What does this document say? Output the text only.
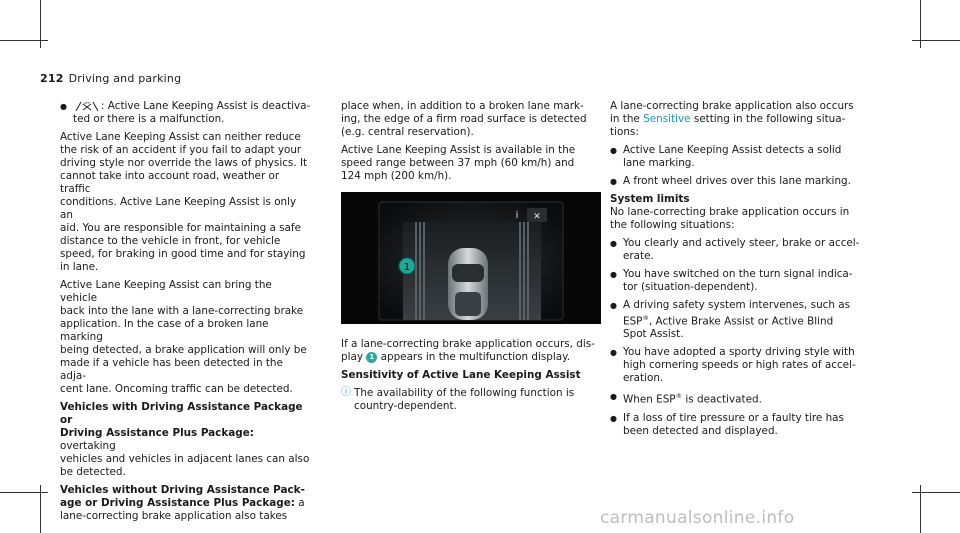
212 Driving and parking

●	OFF : Active Lane Keeping Assist is deactiva-ted or there is a malfunction.

Active Lane Keeping Assist can neither reduce

the risk of an accident if you fail to adapt your

driving style nor override the laws of physics. It

cannot take into account road, weather or traffic

conditions. Active Lane Keeping Assist is only an

aid. You are responsible for maintaining a safe

distance to the vehicle in front, for vehicle

speed, for braking in good time and for staying

in lane.

Active Lane Keeping Assist can bring the vehicle

back into the lane with a lane-correcting brake

application. In the case of a broken lane marking

being detected, a brake application will only be

made if a vehicle has been detected in the adja-

cent lane. Oncoming traffic can be detected.

Vehicles with Driving Assistance Package or

Driving Assistance Plus Package: overtaking

vehicles and vehicles in adjacent lanes can also

be detected.

Vehicles without Driving Assistance Pack-

age or Driving Assistance Plus Package: a

lane-correcting brake application also takes

place when, in addition to a broken lane mark-

ing, the edge of a firm road surface is detected

(e.g. central reservation).

Active Lane Keeping Assist is available in the

speed range between 37 mph (60 km/h) and

124 mph (200 km/h).

1
i ✕

If a lane-correcting brake application occurs, dis-

play 1 appears in the multifunction display.

Sensitivity of Active Lane Keeping Assist

ⓘ The availability of the following function is

country-dependent.

A lane-correcting brake application also occurs

in the Sensitive setting in the following situa-

tions:

● Active Lane Keeping Assist detects a solid

lane marking.

● A front wheel drives over this lane marking.

System limits

No lane-correcting brake application occurs in

the following situations:

● You clearly and actively steer, brake or accel-

erate.

● You have switched on the turn signal indica-

tor (situation-dependent).

● A driving safety system intervenes, such as

ESP®, Active Brake Assist or Active Blind

Spot Assist.

● You have adopted a sporty driving style with

high cornering speeds or high rates of accel-

eration.

● When ESP® is deactivated.

● If a loss of tire pressure or a faulty tire has

been detected and displayed.

carmanualsonline.info
